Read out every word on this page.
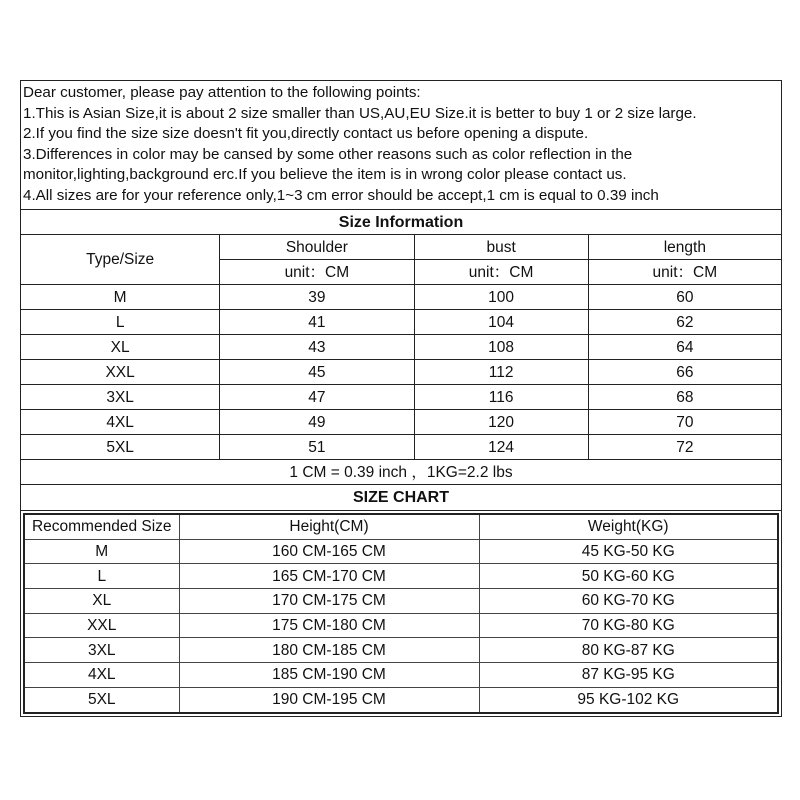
Dear customer, please pay attention to the following points:
1.This is Asian Size,it is about 2 size smaller than US,AU,EU Size.it is better to buy 1 or 2 size large.
2.If you find the size size doesn't fit you,directly contact us before opening a dispute.
3.Differences in color may be cansed by some other reasons such as color reflection in the
monitor,lighting,background erc.If you believe the item is in wrong color please contact us.
4.All sizes are for your reference only,1~3 cm error should be accept,1 cm is equal to 0.39 inch
Size Information			
Type/Size	Shoulder	bust	length
	unit：CM	unit：CM	unit：CM
M	39	100	60
L	41	104	62
XL	43	108	64
XXL	45	112	66
3XL	47	116	68
4XL	49	120	70
5XL	51	124	72
1 CM = 0.39 inch ，1KG=2.2 lbs			
SIZE CHART
Recommended Size	Height(CM)	Weight(KG)
M	160 CM-165 CM	45 KG-50 KG
L	165 CM-170 CM	50 KG-60 KG
XL	170 CM-175 CM	60 KG-70 KG
XXL	175 CM-180 CM	70 KG-80 KG
3XL	180 CM-185 CM	80 KG-87 KG
4XL	185 CM-190 CM	87 KG-95 KG
5XL	190 CM-195 CM	95 KG-102 KG
